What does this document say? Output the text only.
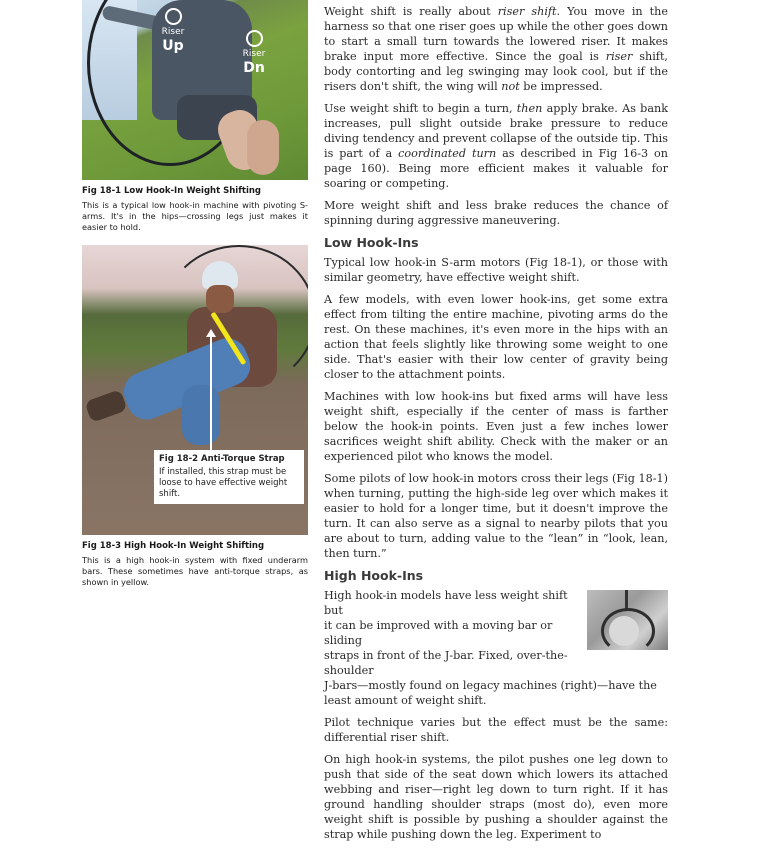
Riser
Up	Riser
Dn
Fig 18-1 Low Hook-In Weight Shifting

This is a typical low hook-in machine with pivoting S-arms. It's in the hips—crossing legs just makes it easier to hold.

Fig 18-2 Anti-Torque Strap
If installed, this strap must be loose to have effective weight shift.
Fig 18-3 High Hook-In Weight Shifting

This is a high hook-in system with fixed underarm bars. These sometimes have anti-torque straps, as shown in yellow.

Weight shift is really about riser shift. You move in the harness so that one riser goes up while the other goes down to start a small turn towards the lowered riser. It makes brake input more effective. Since the goal is riser shift, body contorting and leg swinging may look cool, but if the risers don't shift, the wing will not be impressed.

Use weight shift to begin a turn, then apply brake. As bank increases, pull slight outside brake pressure to reduce diving tendency and prevent collapse of the outside tip. This is part of a coordinated turn as described in Fig 16-3 on page 160). Being more efficient makes it valuable for soaring or competing.

More weight shift and less brake reduces the chance of spinning during aggressive maneuvering.

Low Hook-Ins

Typical low hook-in S-arm motors (Fig 18-1), or those with similar geometry, have effective weight shift.

A few models, with even lower hook-ins, get some extra effect from tilting the entire machine, pivoting arms do the rest. On these machines, it's even more in the hips with an action that feels slightly like throwing some weight to one side. That's easier with their low center of gravity being closer to the attachment points.

Machines with low hook-ins but fixed arms will have less weight shift, especially if the center of mass is farther below the hook-in points. Even just a few inches lower sacrifices weight shift ability. Check with the maker or an experienced pilot who knows the model.

Some pilots of low hook-in motors cross their legs (Fig 18-1) when turning, putting the high-side leg over which makes it easier to hold for a longer time, but it doesn't improve the turn. It can also serve as a signal to nearby pilots that you are about to turn, adding value to the “lean” in “look, lean, then turn.”

High Hook-Ins

High hook-in models have less weight shift but
it can be improved with a moving bar or sliding
straps in front of the J-bar. Fixed, over-the-shoulder
J-bars—mostly found on legacy machines (right)—have the least amount of weight shift.

Pilot technique varies but the effect must be the same: differential riser shift.

On high hook-in systems, the pilot pushes one leg down to push that side of the seat down which lowers its attached webbing and riser—right leg down to turn right. If it has ground handling shoulder straps (most do), even more weight shift is possible by pushing a shoulder against the strap while pushing down the leg. Experiment to
